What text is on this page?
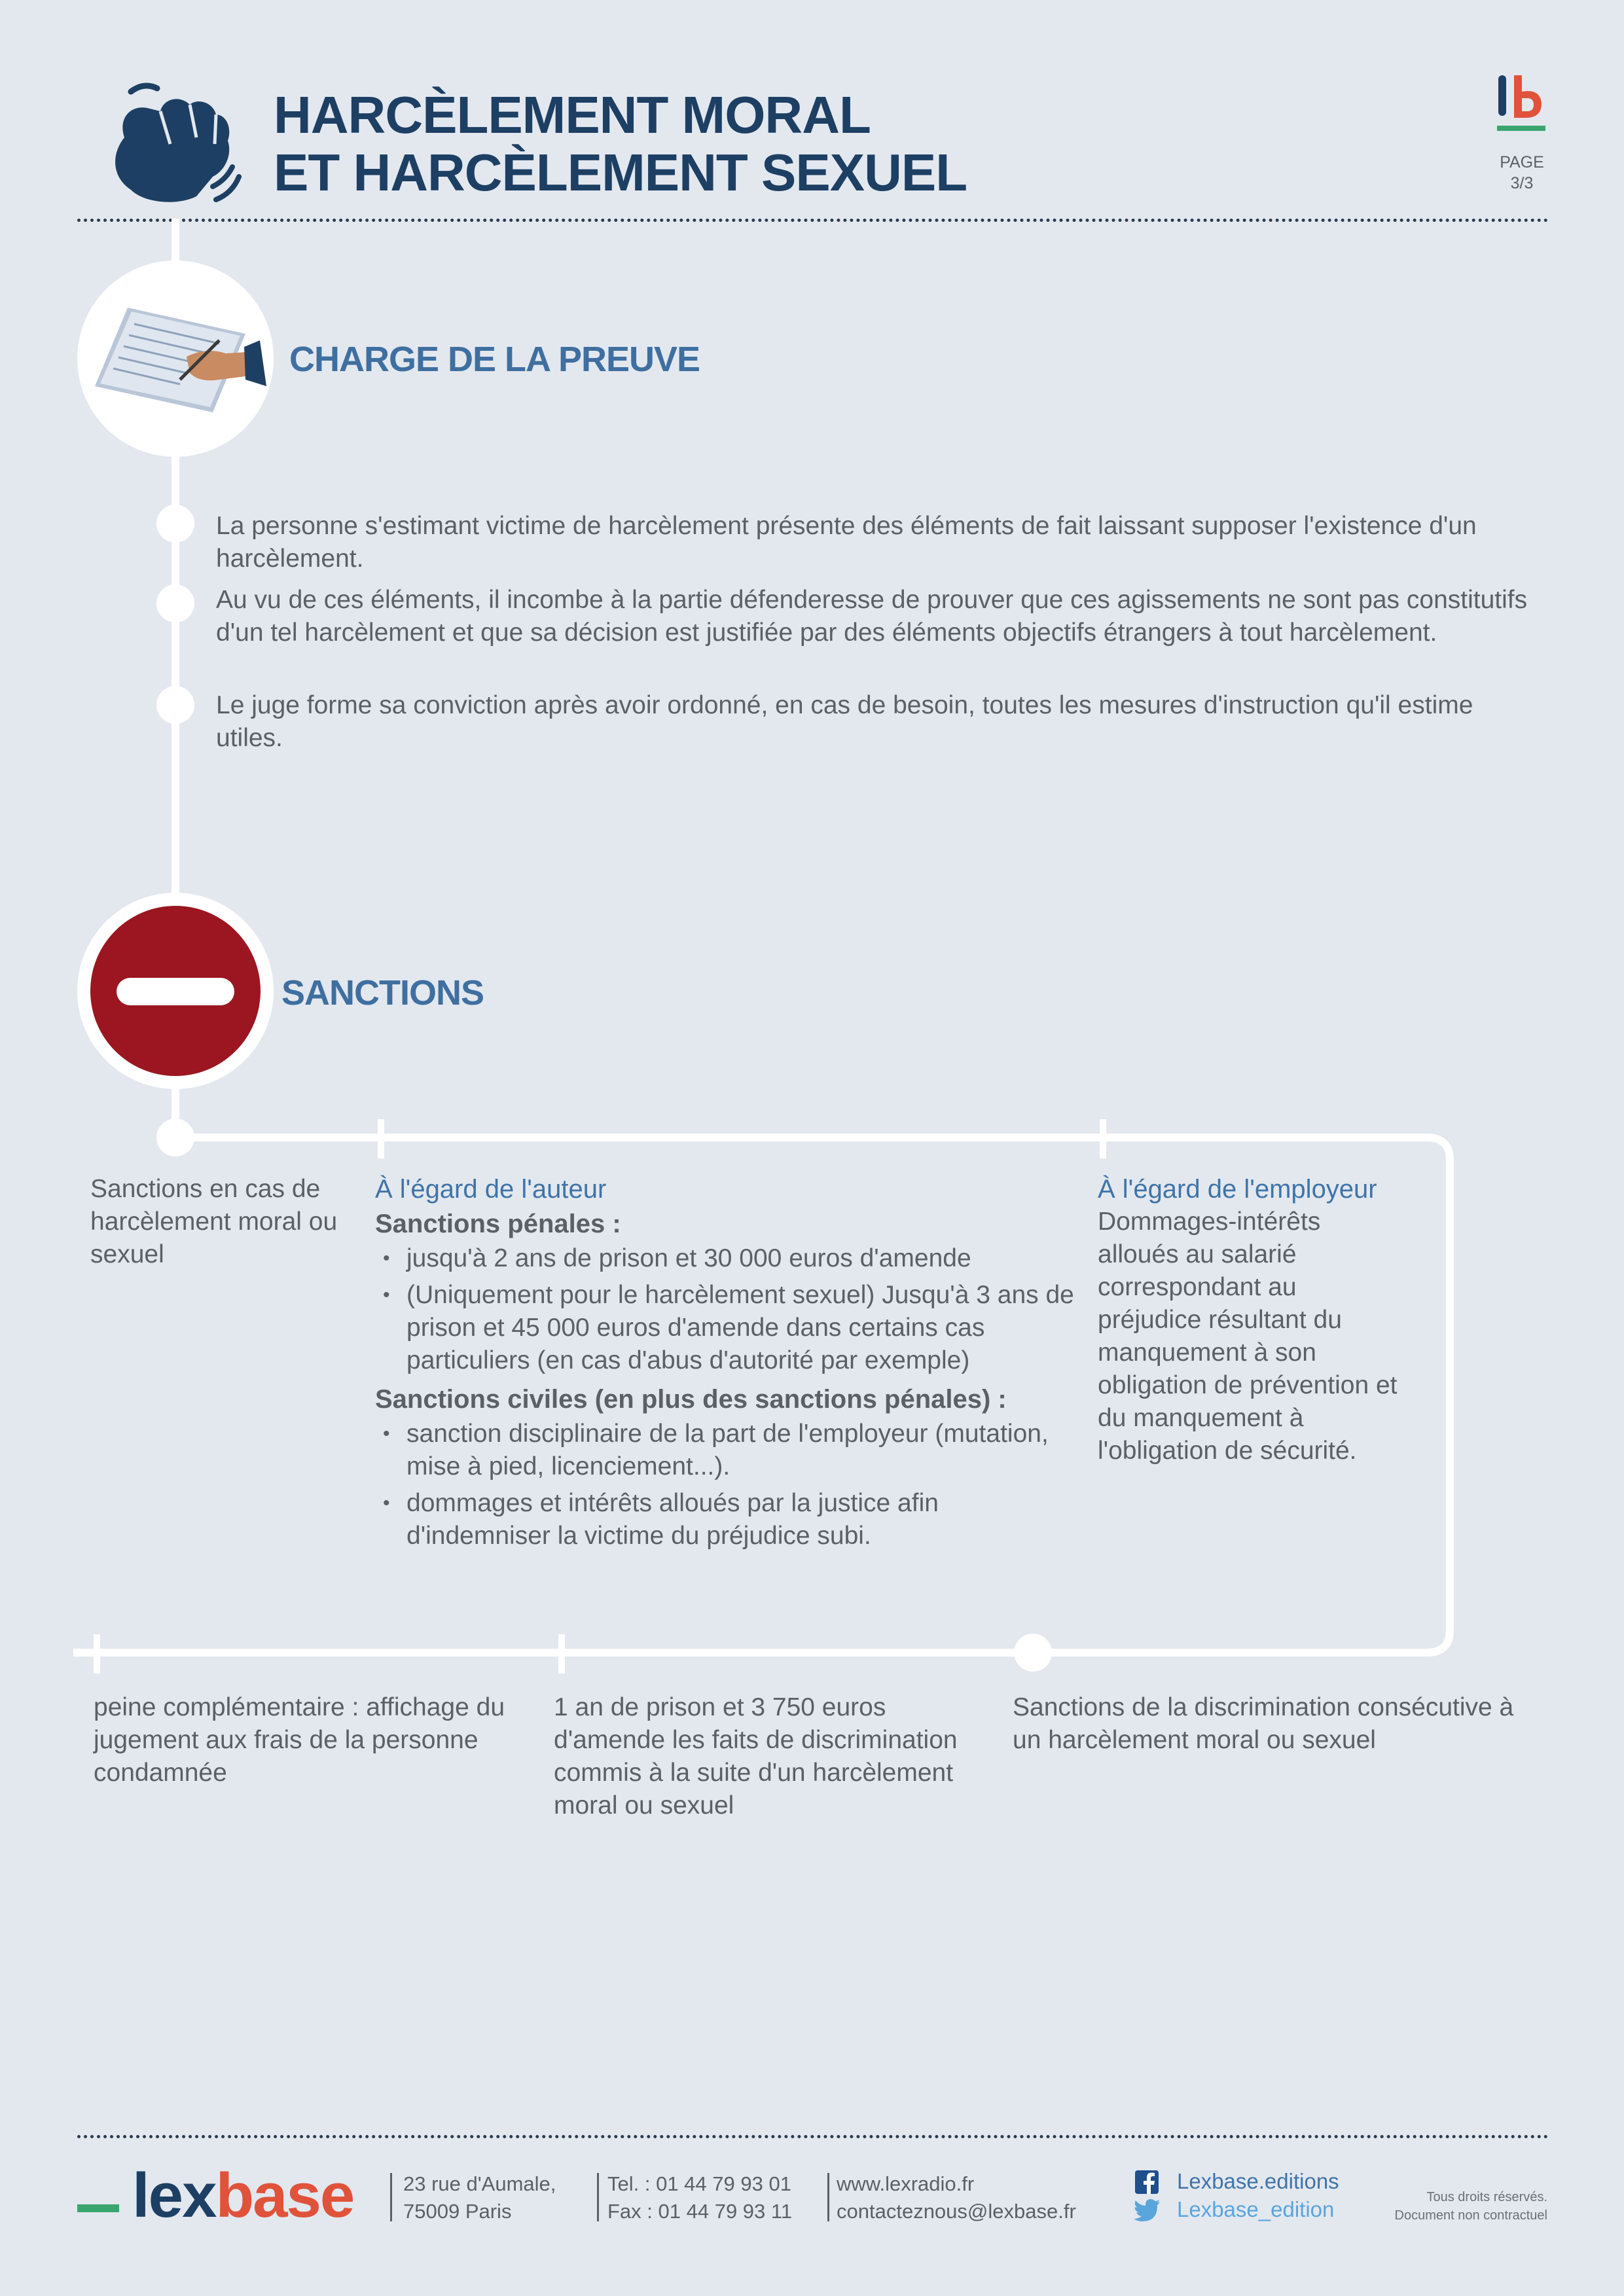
HARCÈLEMENT MORAL
ET HARCÈLEMENT SEXUEL	PAGE
3/3
CHARGE DE LA PREUVE
La personne s'estimant victime de harcèlement présente des éléments de fait laissant supposer l'existence d'un harcèlement.
Au vu de ces éléments, il incombe à la partie défenderesse de prouver que ces agissements ne sont pas constitutifs d'un tel harcèlement et que sa décision est justifiée par des éléments objectifs étrangers à tout harcèlement.
Le juge forme sa conviction après avoir ordonné, en cas de besoin, toutes les mesures d'instruction qu'il estime utiles.
SANCTIONS
Sanctions en cas de harcèlement moral ou sexuel
À l'égard de l'auteur
Sanctions pénales :
• jusqu'à 2 ans de prison et 30 000 euros d'amende
• (Uniquement pour le harcèlement sexuel) Jusqu'à 3 ans de prison et 45 000 euros d'amende dans certains cas particuliers (en cas d'abus d'autorité par exemple)
Sanctions civiles (en plus des sanctions pénales) :
• sanction disciplinaire de la part de l'employeur (mutation, mise à pied, licenciement...).
• dommages et intérêts alloués par la justice afin d'indemniser la victime du préjudice subi.
À l'égard de l'employeur
Dommages-intérêts alloués au salarié correspondant au préjudice résultant du manquement à son obligation de prévention et du manquement à l'obligation de sécurité.
Sanctions de la discrimination consécutive à un harcèlement moral ou sexuel
1 an de prison et 3 750 euros d'amende les faits de discrimination commis à la suite d'un harcèlement moral ou sexuel
peine complémentaire : affichage du jugement aux frais de la personne condamnée
lexbase 23 rue d'Aumale,
75009 Paris
Tel. : 01 44 79 93 01
Fax : 01 44 79 93 11
www.lexradio.fr
contacteznous@lexbase.fr
Lexbase.editions
Lexbase_edition	Tous droits réservés.
Document non contractuel
